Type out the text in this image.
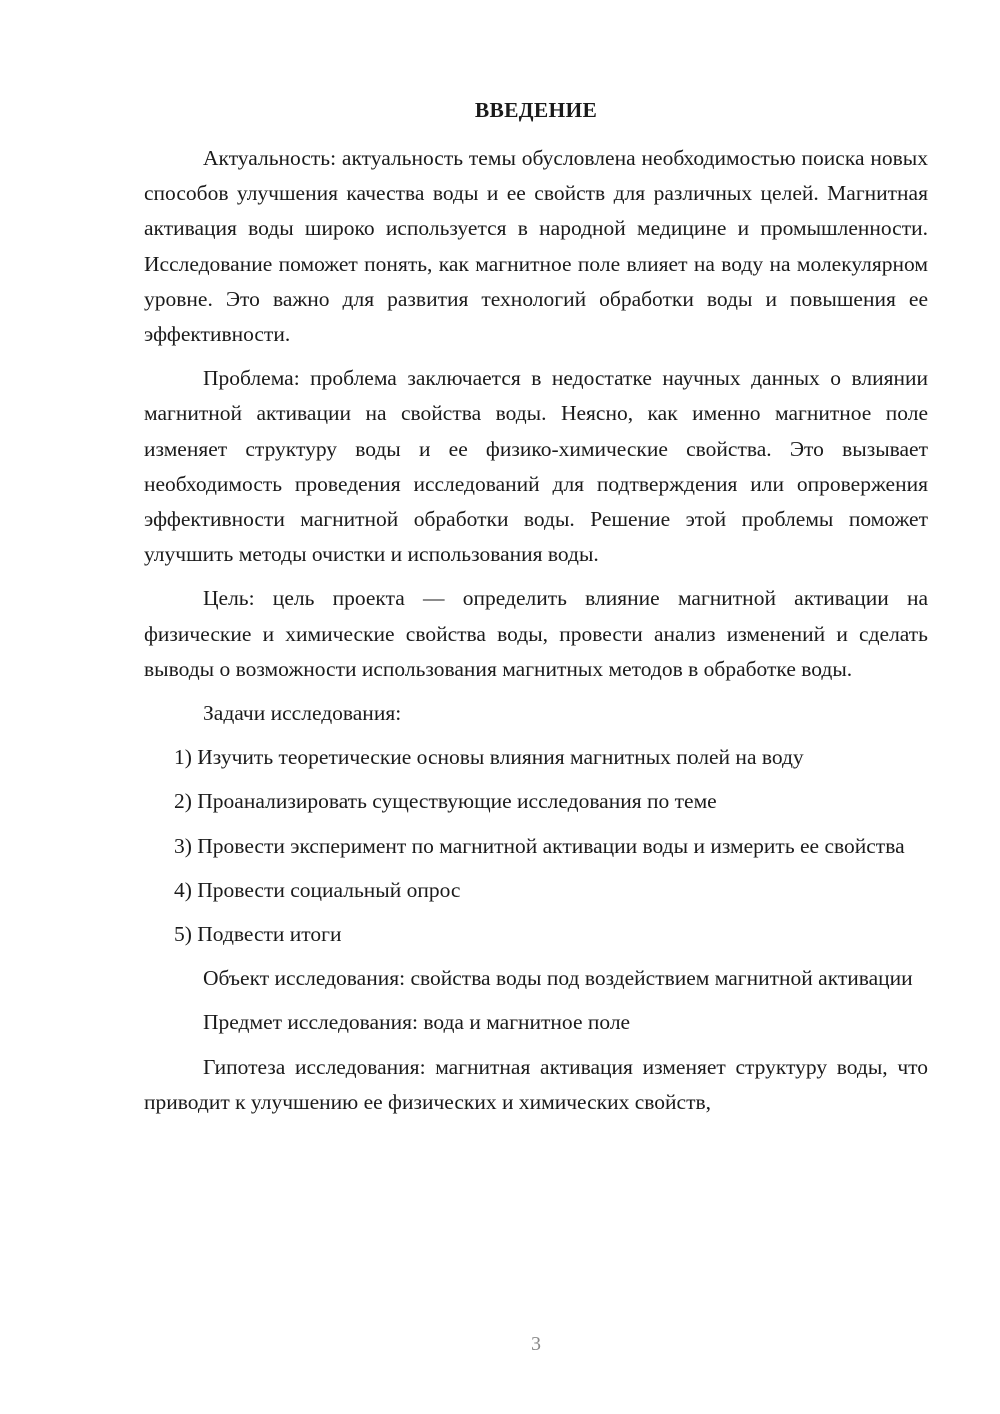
ВВЕДЕНИЕ

Актуальность: актуальность темы обусловлена необходимостью поиска новых способов улучшения качества воды и ее свойств для различных целей. Магнитная активация воды широко используется в народной медицине и промышленности. Исследование поможет понять, как магнитное поле влияет на воду на молекулярном уровне. Это важно для развития технологий обработки воды и повышения ее эффективности.

Проблема: проблема заключается в недостатке научных данных о влиянии магнитной активации на свойства воды. Неясно, как именно магнитное поле изменяет структуру воды и ее физико-химические свойства. Это вызывает необходимость проведения исследований для подтверждения или опровержения эффективности магнитной обработки воды. Решение этой проблемы поможет улучшить методы очистки и использования воды.

Цель: цель проекта — определить влияние магнитной активации на физические и химические свойства воды, провести анализ изменений и сделать выводы о возможности использования магнитных методов в обработке воды.

Задачи исследования:

1) Изучить теоретические основы влияния магнитных полей на воду

2) Проанализировать существующие исследования по теме

3) Провести эксперимент по магнитной активации воды и измерить ее свойства

4) Провести социальный опрос

5) Подвести итоги

Объект исследования: свойства воды под воздействием магнитной активации

Предмет исследования: вода и магнитное поле

Гипотеза исследования: магнитная активация изменяет структуру воды, что приводит к улучшению ее физических и химических свойств,

3
